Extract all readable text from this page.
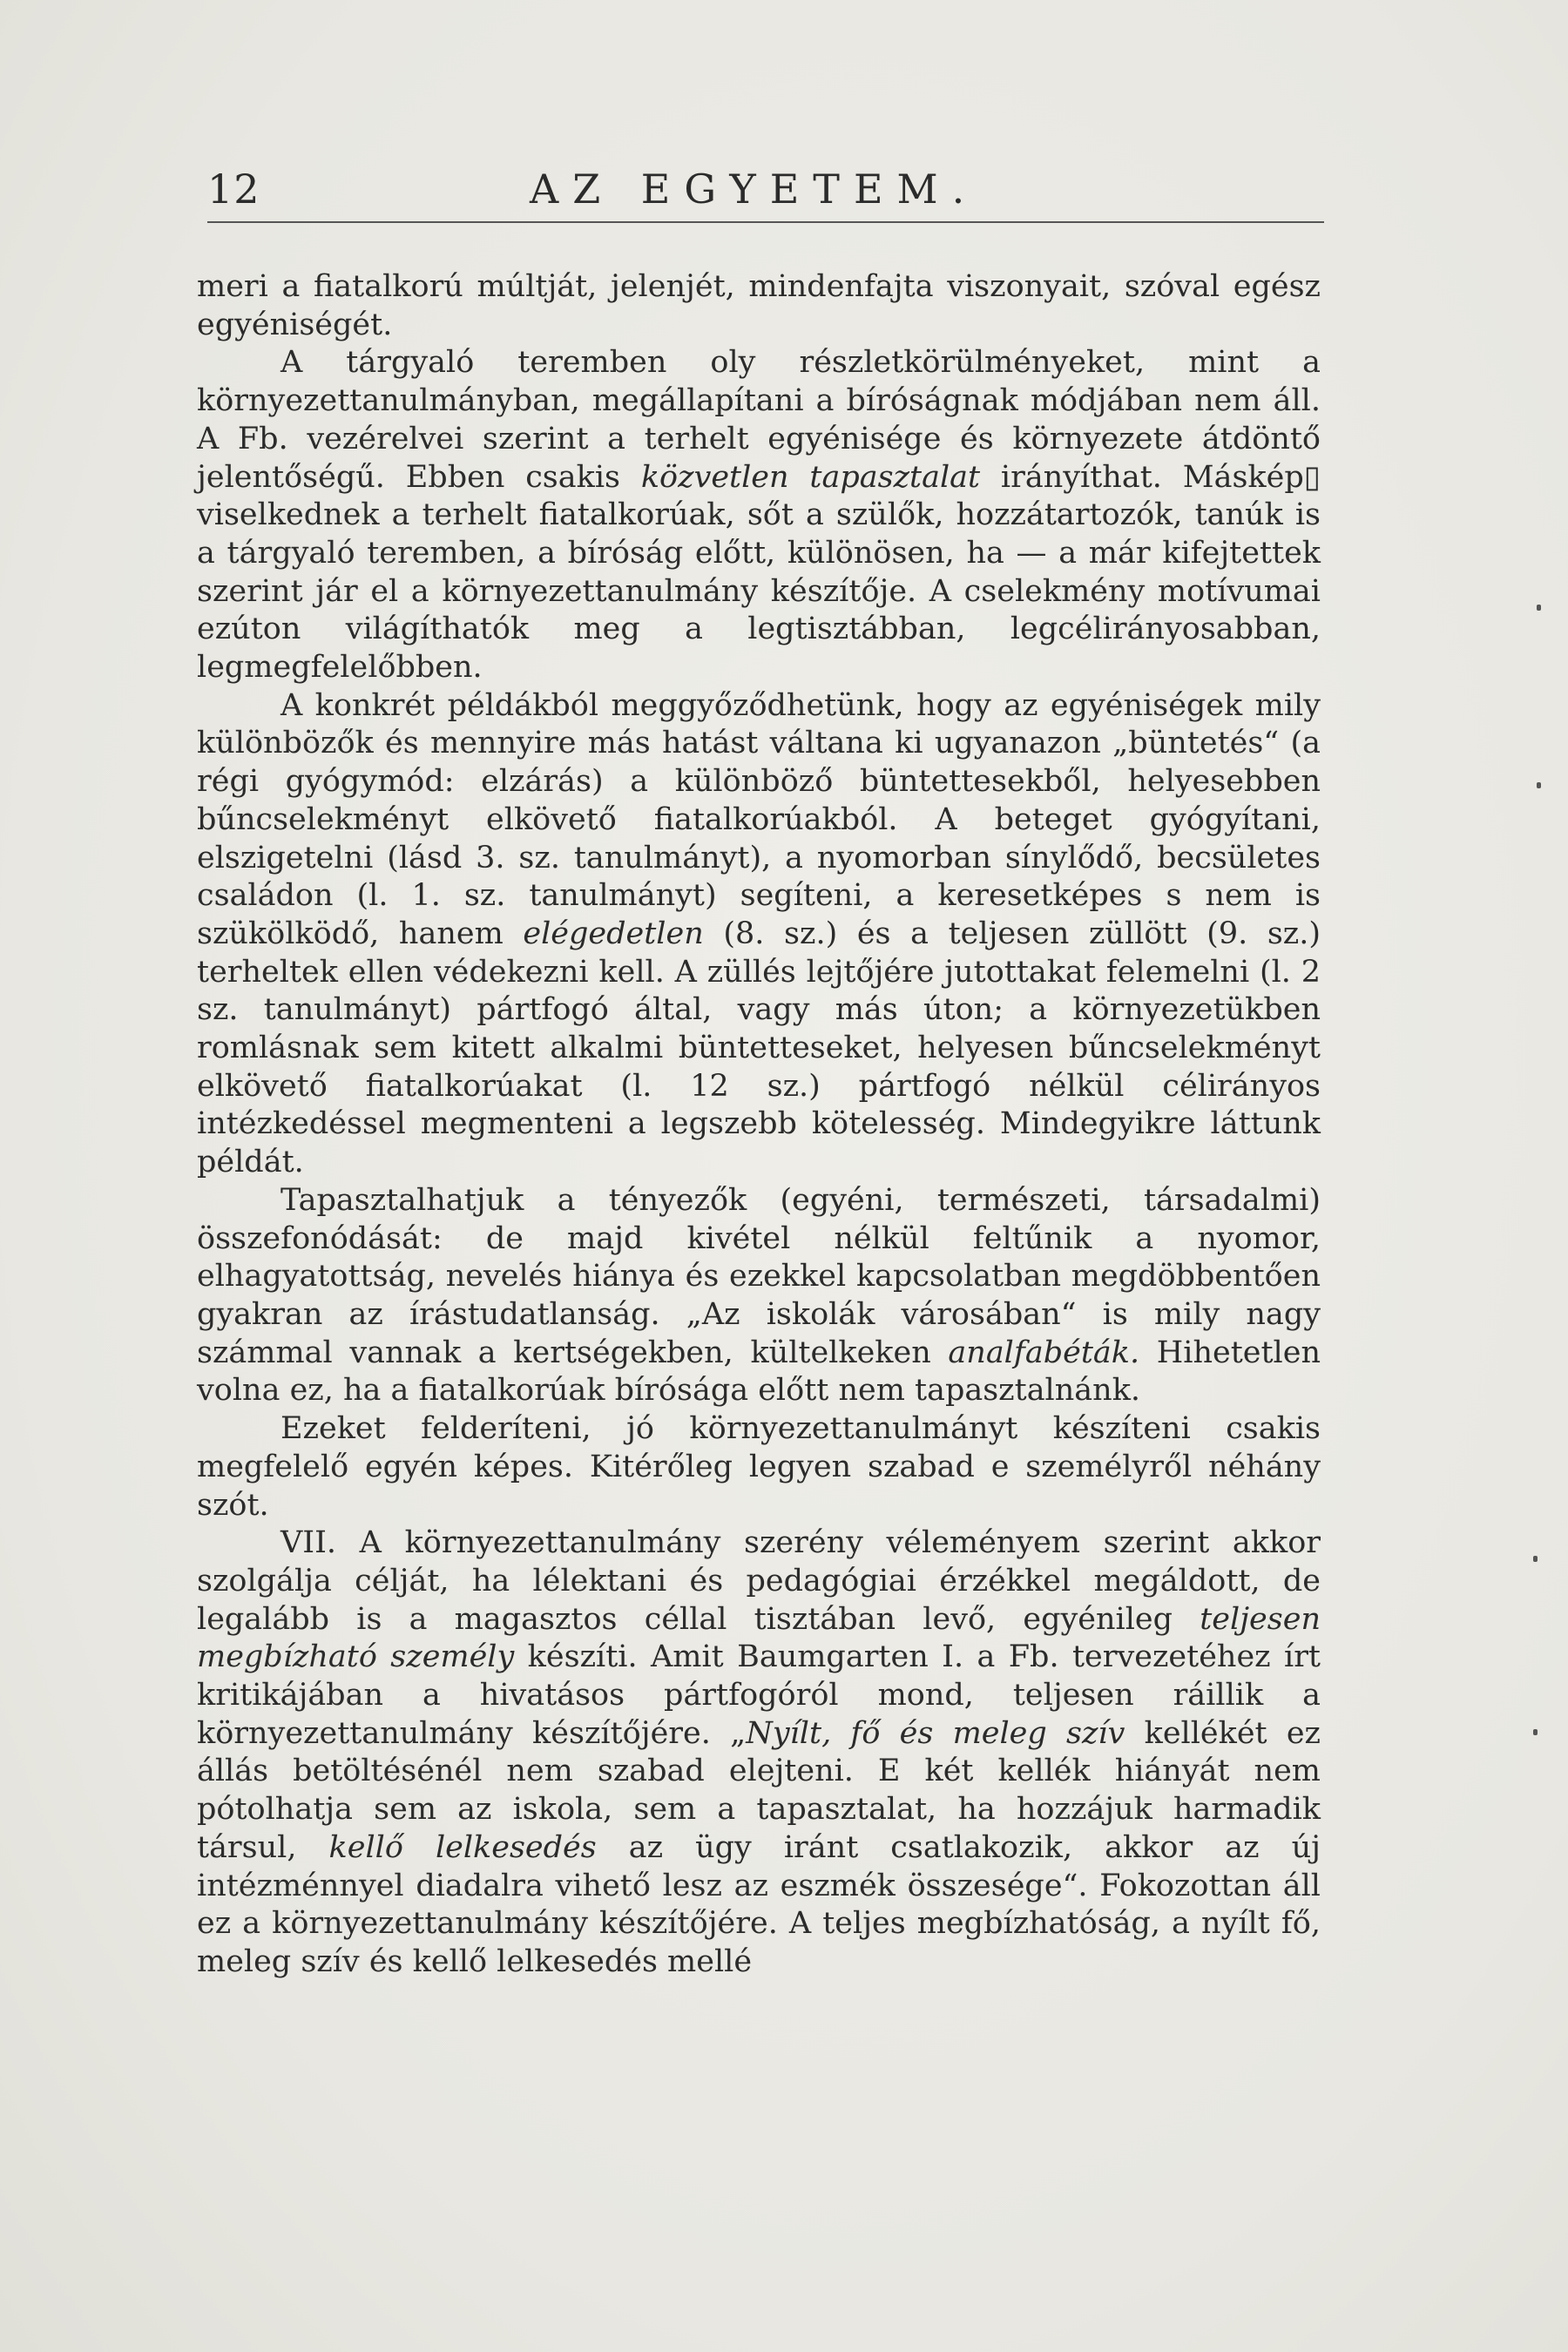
12	AZ EGYETEM.

meri a fiatalkorú múltját, jelenjét, mindenfajta viszonyait, szóval egész egyéniségét.

A tárgyaló teremben oly részletkörülményeket, mint a környezettanulmányban, megállapítani a bíróságnak módjában nem áll. A Fb. vezérelvei szerint a terhelt egyénisége és környezete átdöntő jelentőségű. Ebben csakis közvetlen tapasztalat irányíthat. Máskép▯ viselkednek a terhelt fiatalkorúak, sőt a szülők, hozzátartozók, tanúk is a tárgyaló teremben, a bíróság előtt, különösen, ha — a már kifejtettek szerint jár el a környezettanulmány készítője. A cselekmény motívumai ezúton világíthatók meg a legtisztábban, legcélirányosabban, legmegfelelőbben.

A konkrét példákból meggyőződhetünk, hogy az egyéniségek mily különbözők és mennyire más hatást váltana ki ugyanazon „büntetés“ (a régi gyógymód: elzárás) a különböző büntettesekből, helyesebben bűncselekményt elkövető fiatalkorúakból. A beteget gyógyítani, elszigetelni (lásd 3. sz. tanulmányt), a nyomorban sínylődő, becsületes családon (l. 1. sz. tanulmányt) segíteni, a keresetképes s nem is szükölködő, hanem elégedetlen (8. sz.) és a teljesen züllött (9. sz.) terheltek ellen védekezni kell. A züllés lejtőjére jutottakat felemelni (l. 2 sz. tanulmányt) pártfogó által, vagy más úton; a környezetükben romlásnak sem kitett alkalmi büntetteseket, helyesen bűncselekményt elkövető fiatalkorúakat (l. 12 sz.) pártfogó nélkül célirányos intézkedéssel megmenteni a legszebb kötelesség. Mindegyikre láttunk példát.

Tapasztalhatjuk a tényezők (egyéni, természeti, társadalmi) összefonódását: de majd kivétel nélkül feltűnik a nyomor, elhagyatottság, nevelés hiánya és ezekkel kapcsolatban megdöbbentően gyakran az írástudatlanság. „Az iskolák városában“ is mily nagy számmal vannak a kertségekben, kültelkeken analfabéták. Hihetetlen volna ez, ha a fiatalkorúak bírósága előtt nem tapasztalnánk.

Ezeket felderíteni, jó környezettanulmányt készíteni csakis megfelelő egyén képes. Kitérőleg legyen szabad e személyről néhány szót.

VII. A környezettanulmány szerény véleményem szerint akkor szolgálja célját, ha lélektani és pedagógiai érzékkel megáldott, de legalább is a magasztos céllal tisztában levő, egyénileg teljesen megbízható személy készíti. Amit Baumgarten I. a Fb. tervezetéhez írt kritikájában a hivatásos pártfogóról mond, teljesen ráillik a környezettanulmány készítőjére. „Nyílt, fő és meleg szív kellékét ez állás betöltésénél nem szabad elejteni. E két kellék hiányát nem pótolhatja sem az iskola, sem a tapasztalat, ha hozzájuk harmadik társul, kellő lelkesedés az ügy iránt csatlakozik, akkor az új intézménnyel diadalra vihető lesz az eszmék összesége“. Fokozottan áll ez a környezettanulmány készítőjére. A teljes megbízhatóság, a nyílt fő, meleg szív és kellő lelkesedés mellé
